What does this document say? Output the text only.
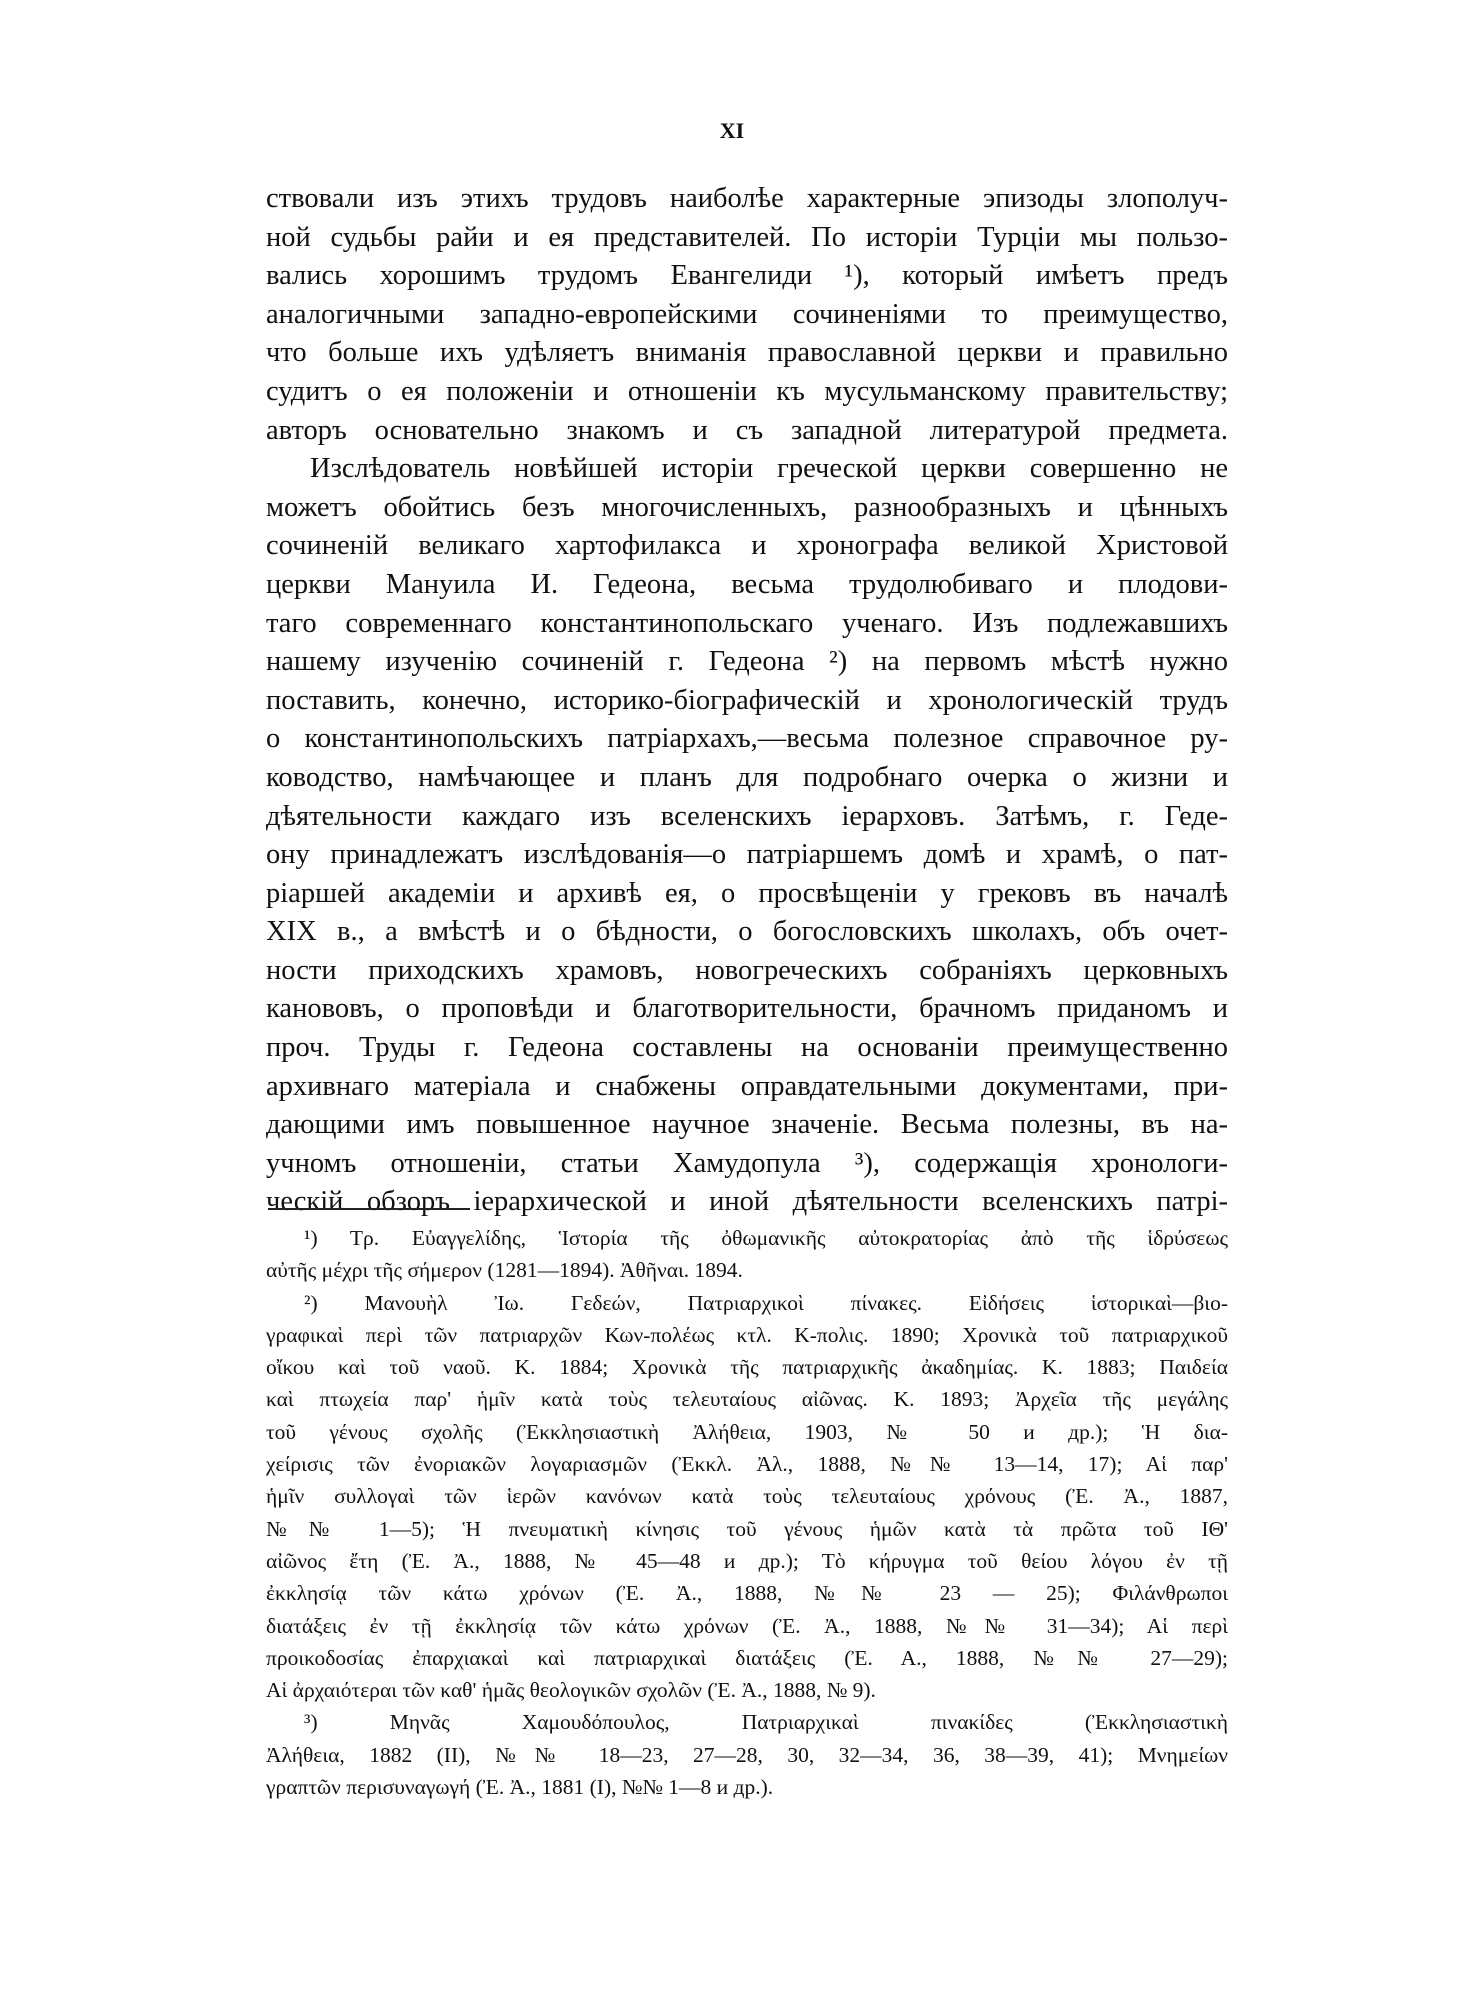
XI

ствовали изъ этихъ трудовъ наиболѣе характерные эпизоды злополуч-
ной судьбы райи и ея представителей. По исторіи Турціи мы пользо-
вались хорошимъ трудомъ Евангелиди ¹), который имѣетъ предъ
аналогичными западно-европейскими сочиненіями то преимущество,
что больше ихъ удѣляетъ вниманія православной церкви и правильно
судитъ о ея положеніи и отношеніи къ мусульманскому правительству;
авторъ основательно знакомъ и съ западной литературой предмета.

Изслѣдователь новѣйшей исторіи греческой церкви совершенно не
можетъ обойтись безъ многочисленныхъ, разнообразныхъ и цѣнныхъ
сочиненій великаго хартофилакса и хронографа великой Христовой
церкви Мануила И. Гедеона, весьма трудолюбиваго и плодови-
таго современнаго константинопольскаго ученаго. Изъ подлежавшихъ
нашему изученію сочиненій г. Гедеона ²) на первомъ мѣстѣ нужно
поставить, конечно, историко-біографическій и хронологическій трудъ
о константинопольскихъ патріархахъ,—весьма полезное справочное ру-
ководство, намѣчающее и планъ для подробнаго очерка о жизни и
дѣятельности каждаго изъ вселенскихъ іерарховъ. Затѣмъ, г. Геде-
ону принадлежатъ изслѣдованія—о патріаршемъ домѣ и храмѣ, о пат-
ріаршей академіи и архивѣ ея, о просвѣщеніи у грековъ въ началѣ
XIX в., а вмѣстѣ и о бѣдности, о богословскихъ школахъ, объ очет-
ности приходскихъ храмовъ, новогреческихъ собраніяхъ церковныхъ
канововъ, о проповѣди и благотворительности, брачномъ приданомъ и
проч. Труды г. Гедеона составлены на основаніи преимущественно
архивнаго матеріала и снабжены оправдательными документами, при-
дающими имъ повышенное научное значеніе. Весьма полезны, въ на-
учномъ отношеніи, статьи Хамудопула ³), содержащія хронологи-
ческій обзоръ іерархической и иной дѣятельности вселенскихъ патрі-

¹) Τρ. Εὐαγγελίδης, Ἱστορία τῆς ὀθωμανικῆς αὐτοκρατορίας ἀπὸ τῆς ἱδρύσεως
αὐτῆς μέχρι τῆς σήμερον (1281—1894). Ἀθῆναι. 1894.
²) Μανουὴλ Ἰω. Γεδεών, Πατριαρχικοὶ πίνακες. Εἰδήσεις ἱστορικαὶ—βιο-
γραφικαὶ περὶ τῶν πατριαρχῶν Κων-πολέως κτλ. Κ-πολις. 1890; Χρονικὰ τοῦ πατριαρχικοῦ
οἴκου καὶ τοῦ ναοῦ. Κ. 1884; Χρονικὰ τῆς πατριαρχικῆς ἀκαδημίας. Κ. 1883; Παιδεία
καὶ πτωχεία παρ' ἡμῖν κατὰ τοὺς τελευταίους αἰῶνας. Κ. 1893; Ἀρχεῖα τῆς μεγάλης
τοῦ γένους σχολῆς (Ἐκκλησιαστικὴ Ἀλήθεια, 1903, № 50 и др.); Ἡ δια-
χείρισις τῶν ἐνοριακῶν λογαριασμῶν (Ἐκκλ. Ἀλ., 1888, №№ 13—14, 17); Αἱ παρ'
ἡμῖν συλλογαὶ τῶν ἱερῶν κανόνων κατὰ τοὺς τελευταίους χρόνους (Ἐ. Ἀ., 1887,
№№ 1—5); Ἡ πνευματικὴ κίνησις τοῦ γένους ἡμῶν κατὰ τὰ πρῶτα τοῦ ΙΘ'
αἰῶνος ἔτη (Ἐ. Ἀ., 1888, № 45—48 и др.); Τὸ κήρυγμα τοῦ θείου λόγου ἐν τῇ
ἐκκλησίᾳ τῶν κάτω χρόνων (Ἐ. Ἀ., 1888, №№ 23 — 25); Φιλάνθρωποι
διατάξεις ἐν τῇ ἐκκλησίᾳ τῶν κάτω χρόνων (Ἐ. Ἀ., 1888, №№ 31—34); Αἱ περὶ
προικοδοσίας ἐπαρχιακαὶ καὶ πατριαρχικαὶ διατάξεις (Ἐ. Α., 1888, №№ 27—29);
Αἱ ἀρχαιότεραι τῶν καθ' ἡμᾶς θεολογικῶν σχολῶν (Ἐ. Ἀ., 1888, № 9).
³) Μηνᾶς Χαμουδόπουλος, Πατριαρχικαὶ πινακίδες (Ἐκκλησιαστικὴ
Ἀλήθεια, 1882 (II), №№ 18—23, 27—28, 30, 32—34, 36, 38—39, 41); Μνημείων
γραπτῶν περισυναγωγή (Ἐ. Ἀ., 1881 (I), №№ 1—8 и др.).
